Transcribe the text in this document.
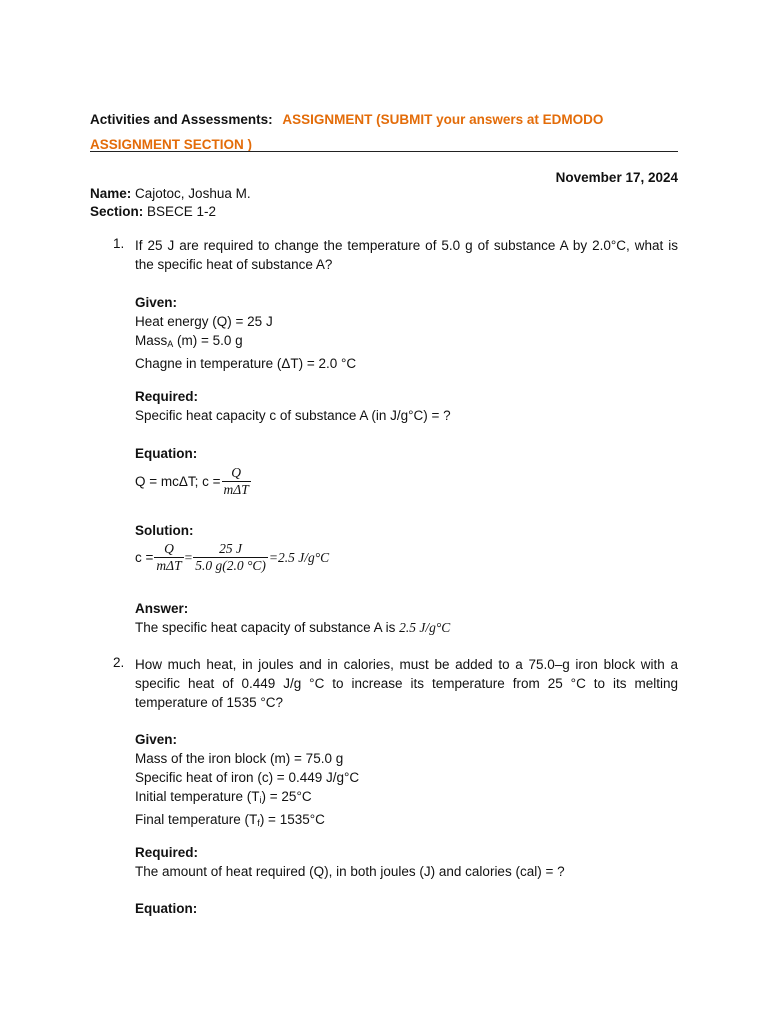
Activities and Assessments: ASSIGNMENT (SUBMIT your answers at EDMODO
ASSIGNMENT SECTION )
November 17, 2024
Name: Cajotoc, Joshua M.
Section: BSECE 1-2
1. If 25 J are required to change the temperature of 5.0 g of substance A by 2.0°C, what is the specific heat of substance A?
Given:
Heat energy (Q) = 25 J
Mass$_A$ (m) = 5.0 g
Chagne in temperature (ΔT) = 2.0 °C
Required:
Specific heat capacity c of substance A (in J/g°C) = ?
Equation:
Q = mcΔT; $c = \frac{Q}{\text{mΔT}}$
Solution:
$c = \frac{Q}{\text{mΔT}} = \frac{25 J}{5.0 g(2.0 ^\circ C)} =2.5$ J/g°C
Answer:
The specific heat capacity of substance A is 2.5 J/g°C
2. How much heat, in joules and in calories, must be added to a 75.0–g iron block with a specific heat of 0.449 J/g °C to increase its temperature from 25 °C to its melting temperature of 1535 °C?
Given:
Mass of the iron block (m) = 75.0 g
Specific heat of iron (c) = 0.449 J/g°C
Initial temperature $(T_i) = 25^\circ C$
Final temperature $(T_f) = 1535^\circ C$
Required:
The amount of heat required (Q), in both joules (J) and calories (cal) = ?
Equation:
